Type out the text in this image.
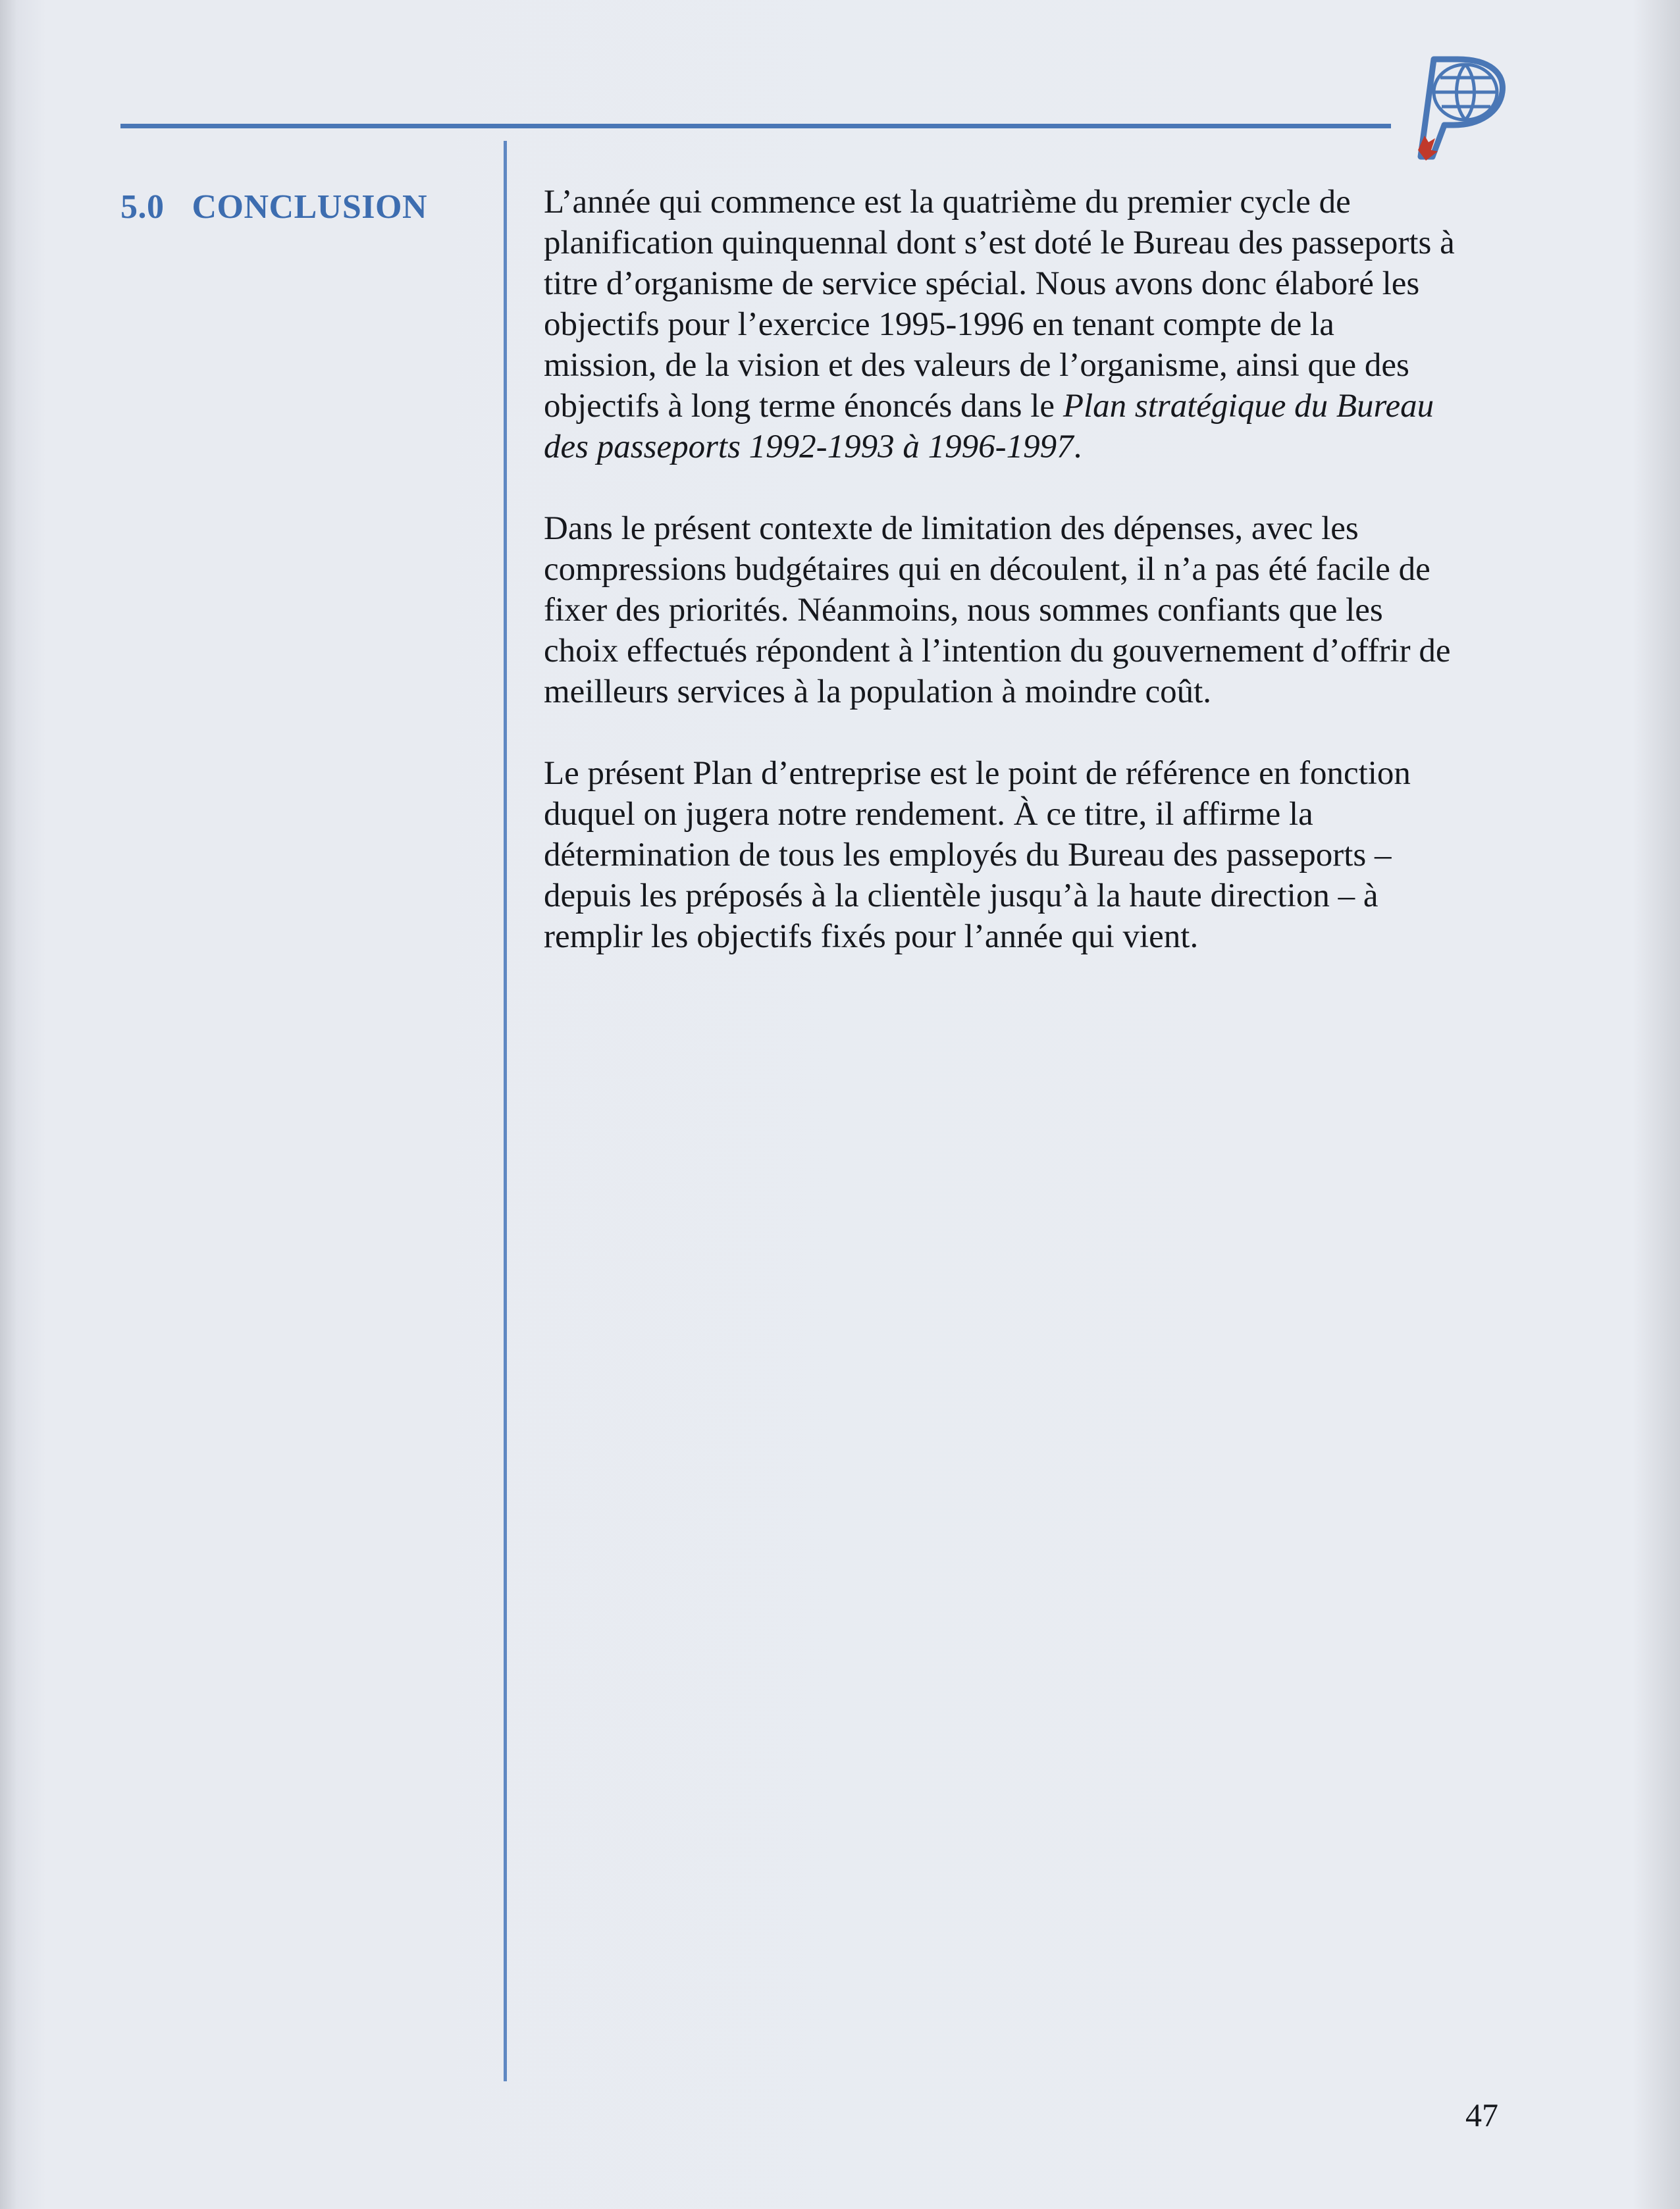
5.0 CONCLUSION	L’année qui commence est la quatrième du premier cycle de
planification quinquennal dont s’est doté le Bureau des passeports à
titre d’organisme de service spécial. Nous avons donc élaboré les
objectifs pour l’exercice 1995-1996 en tenant compte de la
mission, de la vision et des valeurs de l’organisme, ainsi que des
objectifs à long terme énoncés dans le Plan stratégique du Bureau
des passeports 1992-1993 à 1996-1997.

Dans le présent contexte de limitation des dépenses, avec les
compressions budgétaires qui en découlent, il n’a pas été facile de
fixer des priorités. Néanmoins, nous sommes confiants que les
choix effectués répondent à l’intention du gouvernement d’offrir de
meilleurs services à la population à moindre coût.

Le présent Plan d’entreprise est le point de référence en fonction
duquel on jugera notre rendement. À ce titre, il affirme la
détermination de tous les employés du Bureau des passeports –
depuis les préposés à la clientèle jusqu’à la haute direction – à
remplir les objectifs fixés pour l’année qui vient.

47
